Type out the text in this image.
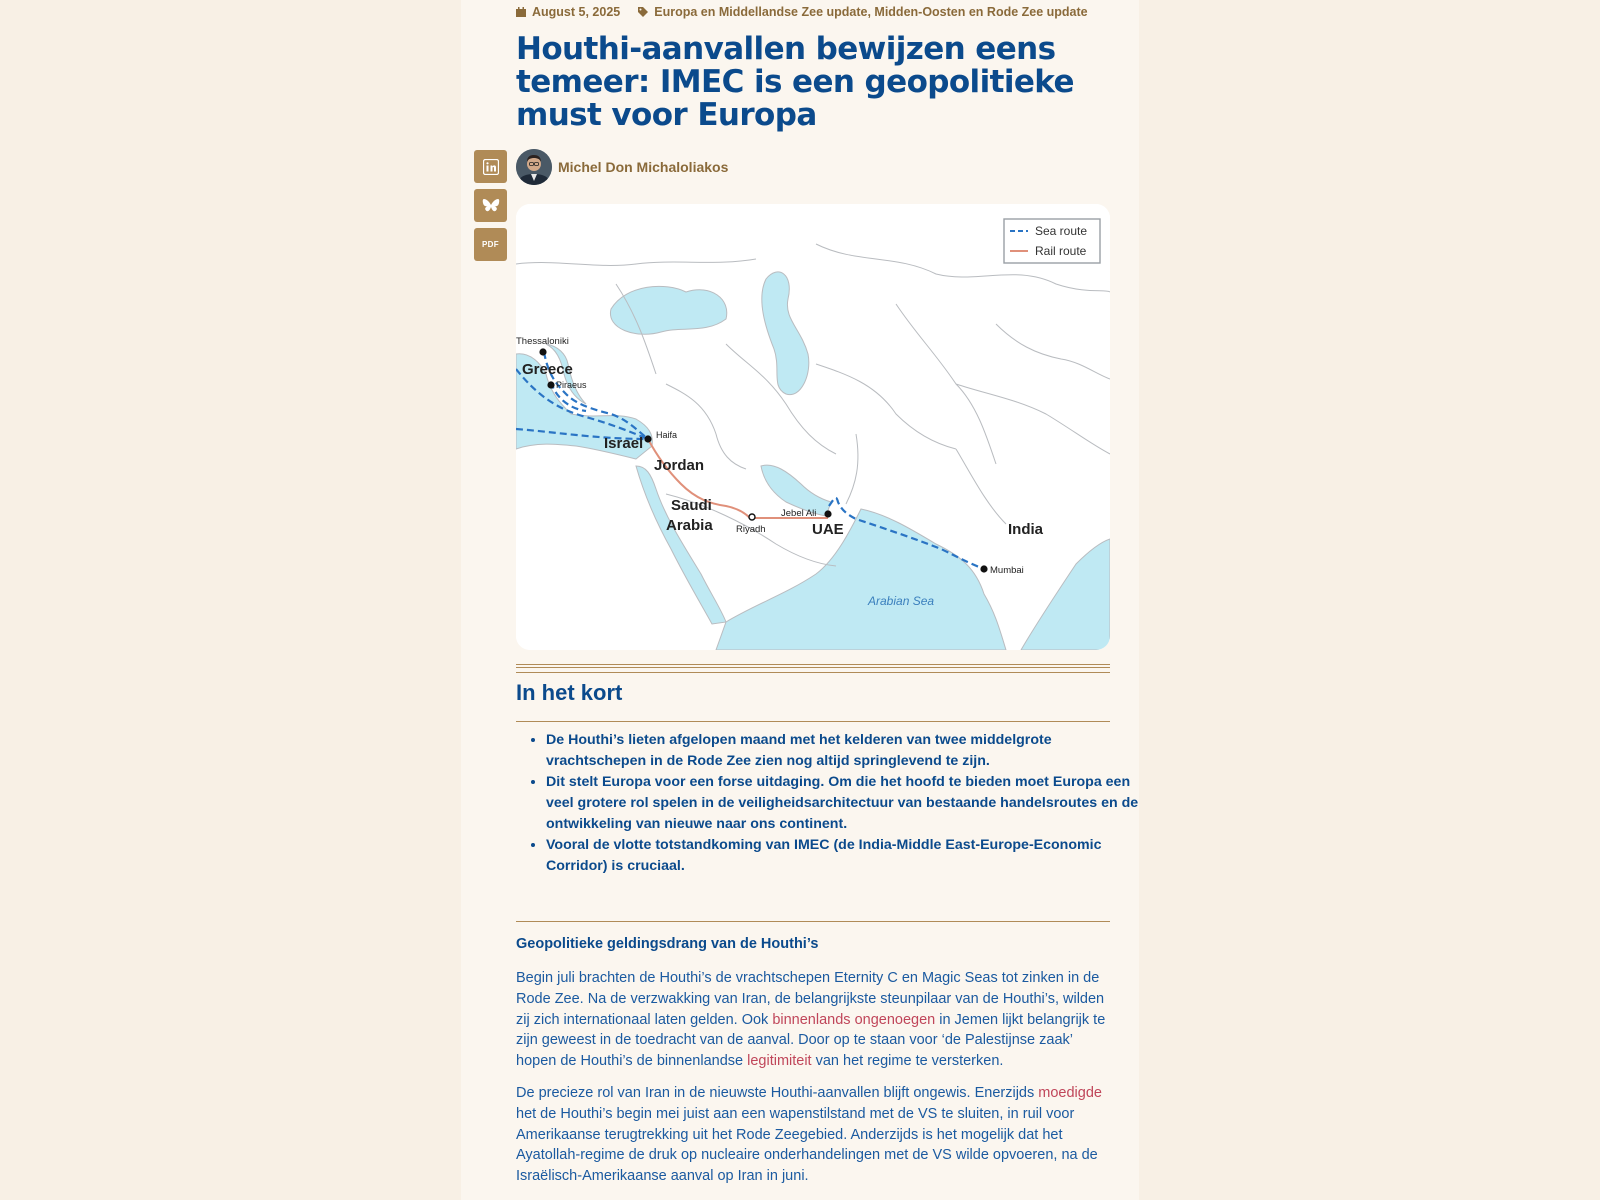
August 5, 2025	Europa en Middellandse Zee update, Midden-Oosten en Rode Zee update
Houthi-aanvallen bewijzen eens temeer: IMEC is een geopolitieke must voor Europa
PDF
Michel Don Michaloliakos
Sea route
Rail route
Thessaloniki
Greece
Piraeus
Israel Haifa
Jordan
Saudi
Arabia Riyadh
Jebel Ali
UAE	India
Mumbai
Arabian Sea
In het kort
• De Houthi’s lieten afgelopen maand met het kelderen van twee middelgrote vrachtschepen in de Rode Zee zien nog altijd springlevend te zijn.
• Dit stelt Europa voor een forse uitdaging. Om die het hoofd te bieden moet Europa een veel grotere rol spelen in de veiligheidsarchitectuur van bestaande handelsroutes en de ontwikkeling van nieuwe naar ons continent.
• Vooral de vlotte totstandkoming van IMEC (de India-Middle East-Europe-Economic Corridor) is cruciaal.
Geopolitieke geldingsdrang van de Houthi’s

Begin juli brachten de Houthi’s de vrachtschepen Eternity C en Magic Seas tot zinken in de Rode Zee. Na de verzwakking van Iran, de belangrijkste steunpilaar van de Houthi’s, wilden zij zich internationaal laten gelden. Ook binnenlands ongenoegen in Jemen lijkt belangrijk te zijn geweest in de toedracht van de aanval. Door op te staan voor ‘de Palestijnse zaak’ hopen de Houthi’s de binnenlandse legitimiteit van het regime te versterken.

De precieze rol van Iran in de nieuwste Houthi-aanvallen blijft ongewis. Enerzijds moedigde het de Houthi’s begin mei juist aan een wapenstilstand met de VS te sluiten, in ruil voor Amerikaanse terugtrekking uit het Rode Zeegebied. Anderzijds is het mogelijk dat het Ayatollah-regime de druk op nucleaire onderhandelingen met de VS wilde opvoeren, na de Israëlisch-Amerikaanse aanval op Iran in juni.
